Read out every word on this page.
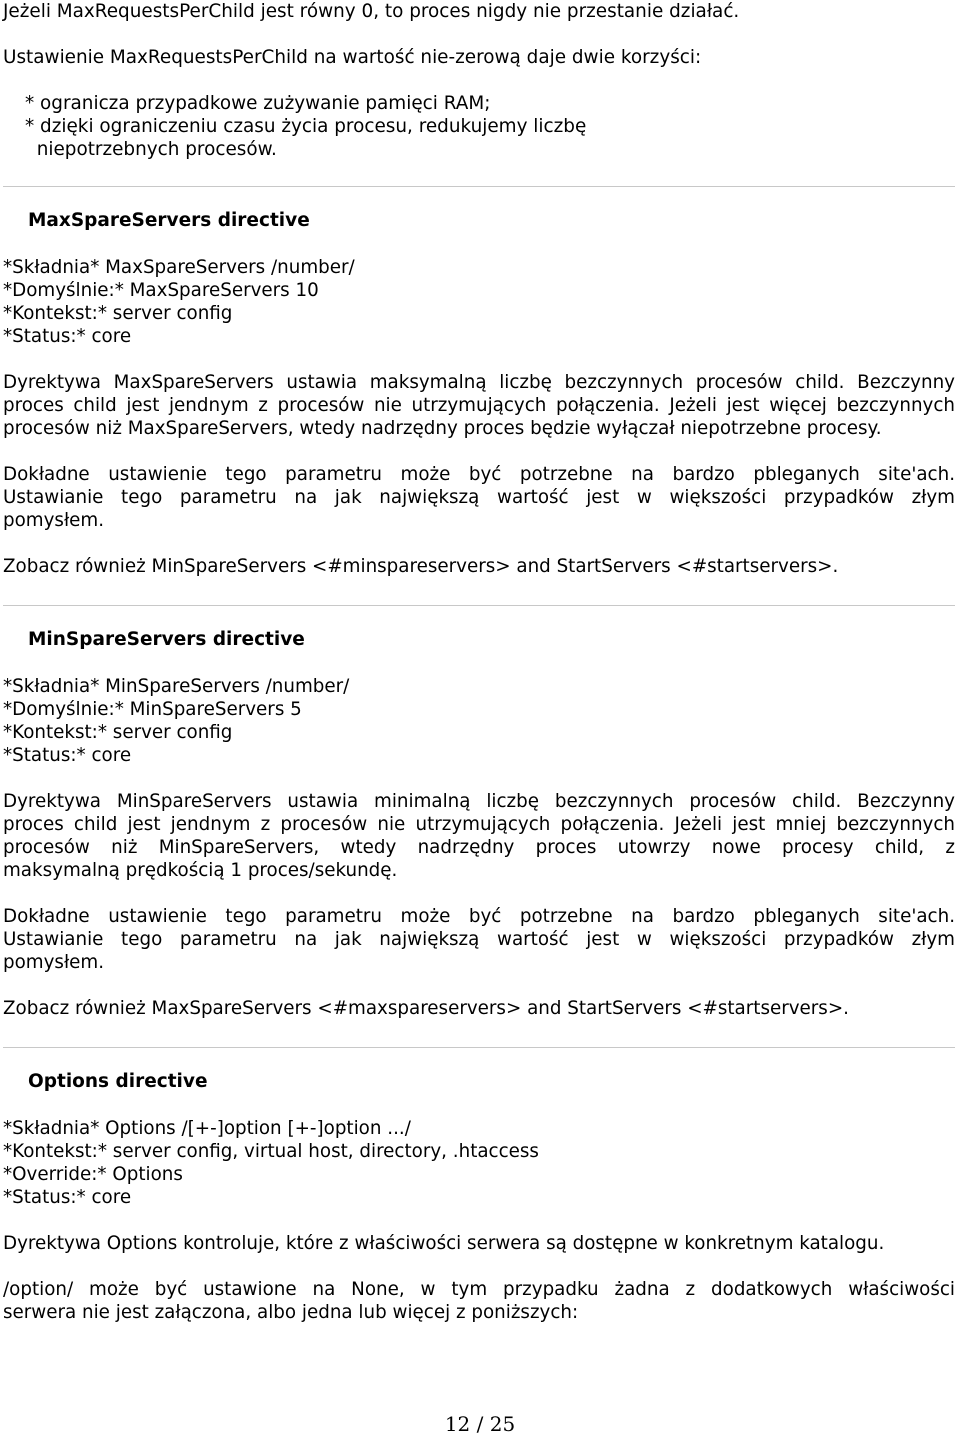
Jeżeli MaxRequestsPerChild jest równy 0, to proces nigdy nie przestanie działać.
Ustawienie MaxRequestsPerChild na wartość nie-zerową daje dwie korzyści:
* ogranicza przypadkowe zużywanie pamięci RAM;
* dzięki ograniczeniu czasu życia procesu, redukujemy liczbę
niepotrzebnych procesów.
MaxSpareServers directive
*Składnia* MaxSpareServers /number/
*Domyślnie:* MaxSpareServers 10
*Kontekst:* server config
*Status:* core
Dyrektywa MaxSpareServers ustawia maksymalną liczbę bezczynnych procesów child. Bezczynny
proces child jest jendnym z procesów nie utrzymujących połączenia. Jeżeli jest więcej bezczynnych
procesów niż MaxSpareServers, wtedy nadrzędny proces będzie wyłączał niepotrzebne procesy.
Dokładne ustawienie tego parametru może być potrzebne na bardzo pbleganych site'ach.
Ustawianie tego parametru na jak największą wartość jest w większości przypadków złym
pomysłem.
Zobacz również MinSpareServers <#minspareservers> and StartServers <#startservers>.
MinSpareServers directive
*Składnia* MinSpareServers /number/
*Domyślnie:* MinSpareServers 5
*Kontekst:* server config
*Status:* core
Dyrektywa MinSpareServers ustawia minimalną liczbę bezczynnych procesów child. Bezczynny
proces child jest jendnym z procesów nie utrzymujących połączenia. Jeżeli jest mniej bezczynnych
procesów niż MinSpareServers, wtedy nadrzędny proces utowrzy nowe procesy child, z
maksymalną prędkością 1 proces/sekundę.
Dokładne ustawienie tego parametru może być potrzebne na bardzo pbleganych site'ach.
Ustawianie tego parametru na jak największą wartość jest w większości przypadków złym
pomysłem.
Zobacz również MaxSpareServers <#maxspareservers> and StartServers <#startservers>.
Options directive
*Składnia* Options /[+-]option [+-]option .../
*Kontekst:* server config, virtual host, directory, .htaccess
*Override:* Options
*Status:* core
Dyrektywa Options kontroluje, które z właściwości serwera są dostępne w konkretnym katalogu.
/option/ może być ustawione na None, w tym przypadku żadna z dodatkowych właściwości
serwera nie jest załączona, albo jedna lub więcej z poniższych:
12 / 25
